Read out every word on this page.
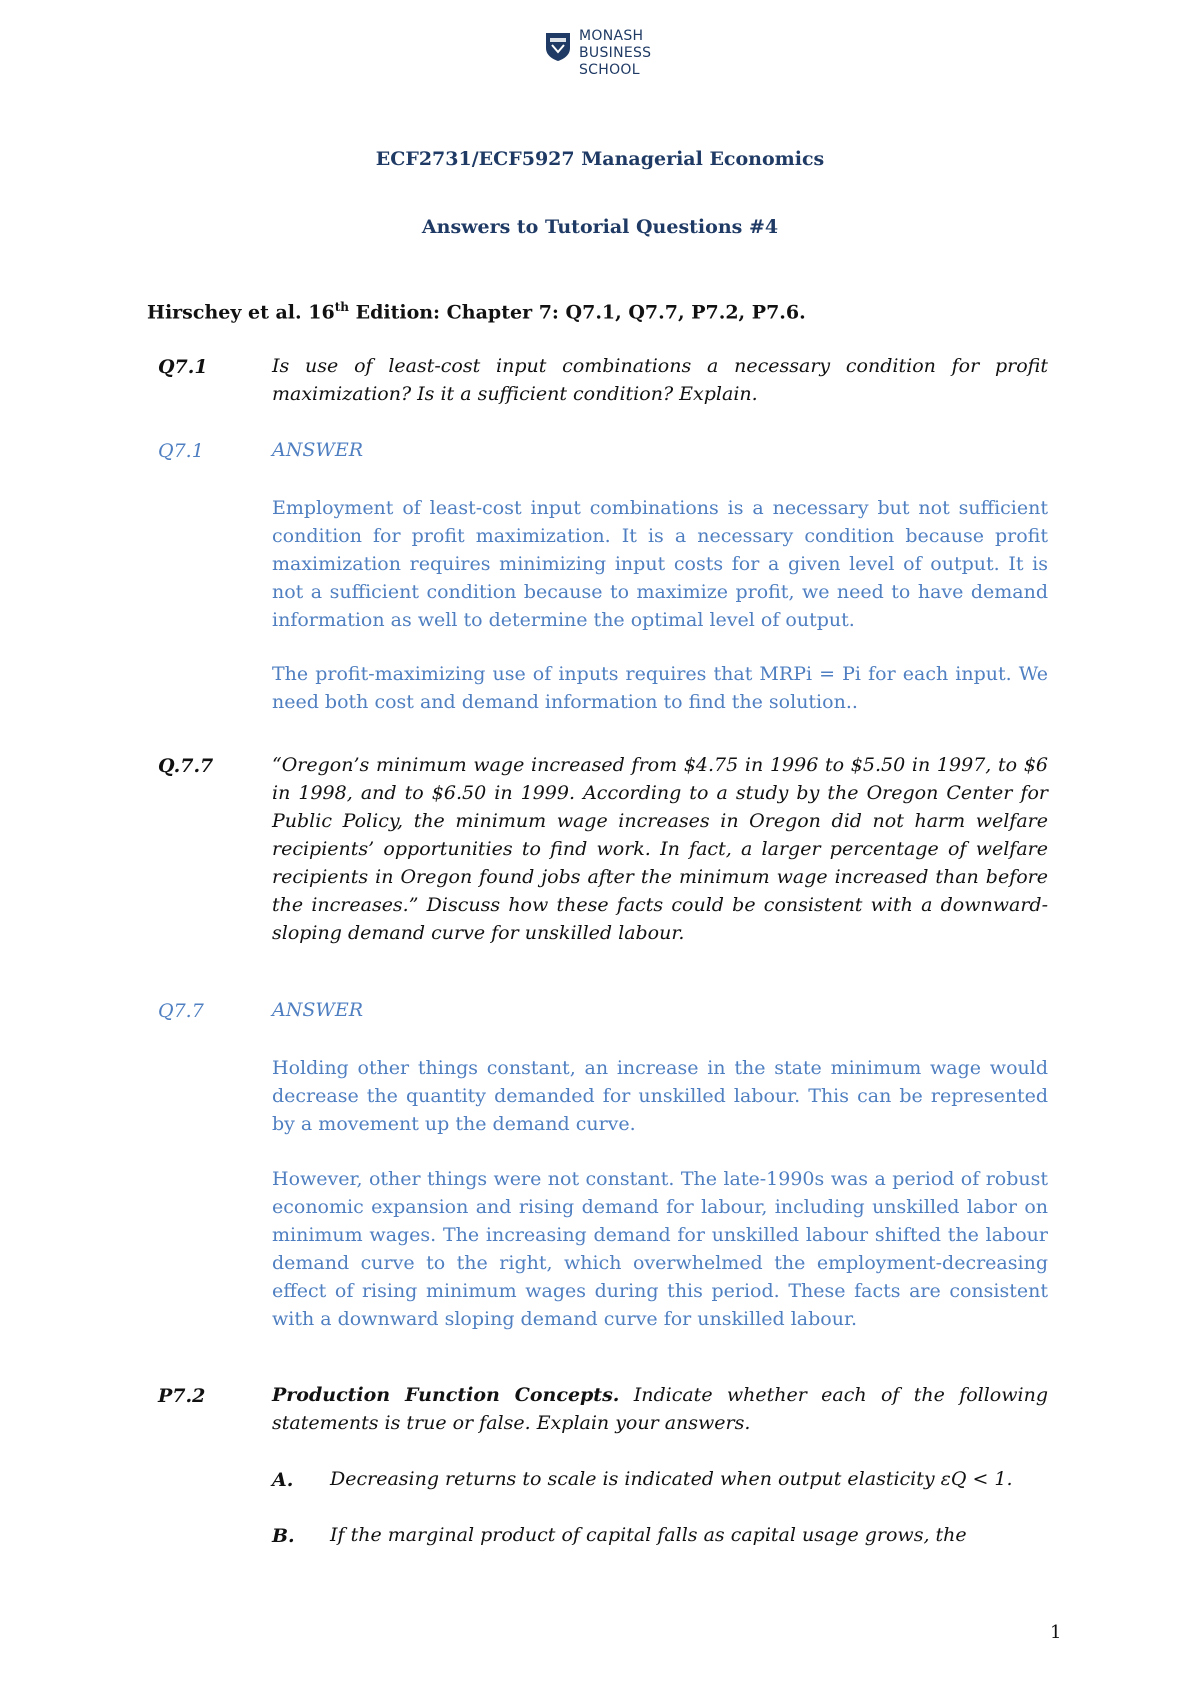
MONASH
BUSINESS
SCHOOL
ECF2731/ECF5927 Managerial Economics
Answers to Tutorial Questions #4
Hirschey et al. 16th Edition: Chapter 7: Q7.1, Q7.7, P7.2, P7.6.
Q7.1	Is use of least-cost input combinations a necessary condition for profit maximization? Is it a sufficient condition? Explain.
Q7.1	ANSWER
Employment of least-cost input combinations is a necessary but not sufficient condition for profit maximization. It is a necessary condition because profit maximization requires minimizing input costs for a given level of output. It is not a sufficient condition because to maximize profit, we need to have demand information as well to determine the optimal level of output.
The profit-maximizing use of inputs requires that MRPi = Pi for each input. We need both cost and demand information to find the solution..
Q.7.7	“Oregon’s minimum wage increased from $4.75 in 1996 to $5.50 in 1997, to $6 in 1998, and to $6.50 in 1999. According to a study by the Oregon Center for Public Policy, the minimum wage increases in Oregon did not harm welfare recipients’ opportunities to find work. In fact, a larger percentage of welfare recipients in Oregon found jobs after the minimum wage increased than before the increases.” Discuss how these facts could be consistent with a downward-sloping demand curve for unskilled labour.
Q7.7	ANSWER
Holding other things constant, an increase in the state minimum wage would decrease the quantity demanded for unskilled labour. This can be represented by a movement up the demand curve.
However, other things were not constant. The late-1990s was a period of robust economic expansion and rising demand for labour, including unskilled labor on minimum wages. The increasing demand for unskilled labour shifted the labour demand curve to the right, which overwhelmed the employment-decreasing effect of rising minimum wages during this period. These facts are consistent with a downward sloping demand curve for unskilled labour.
P7.2	Production Function Concepts. Indicate whether each of the following statements is true or false. Explain your answers.
A. Decreasing returns to scale is indicated when output elasticity εQ < 1.
B. If the marginal product of capital falls as capital usage grows, the
1
